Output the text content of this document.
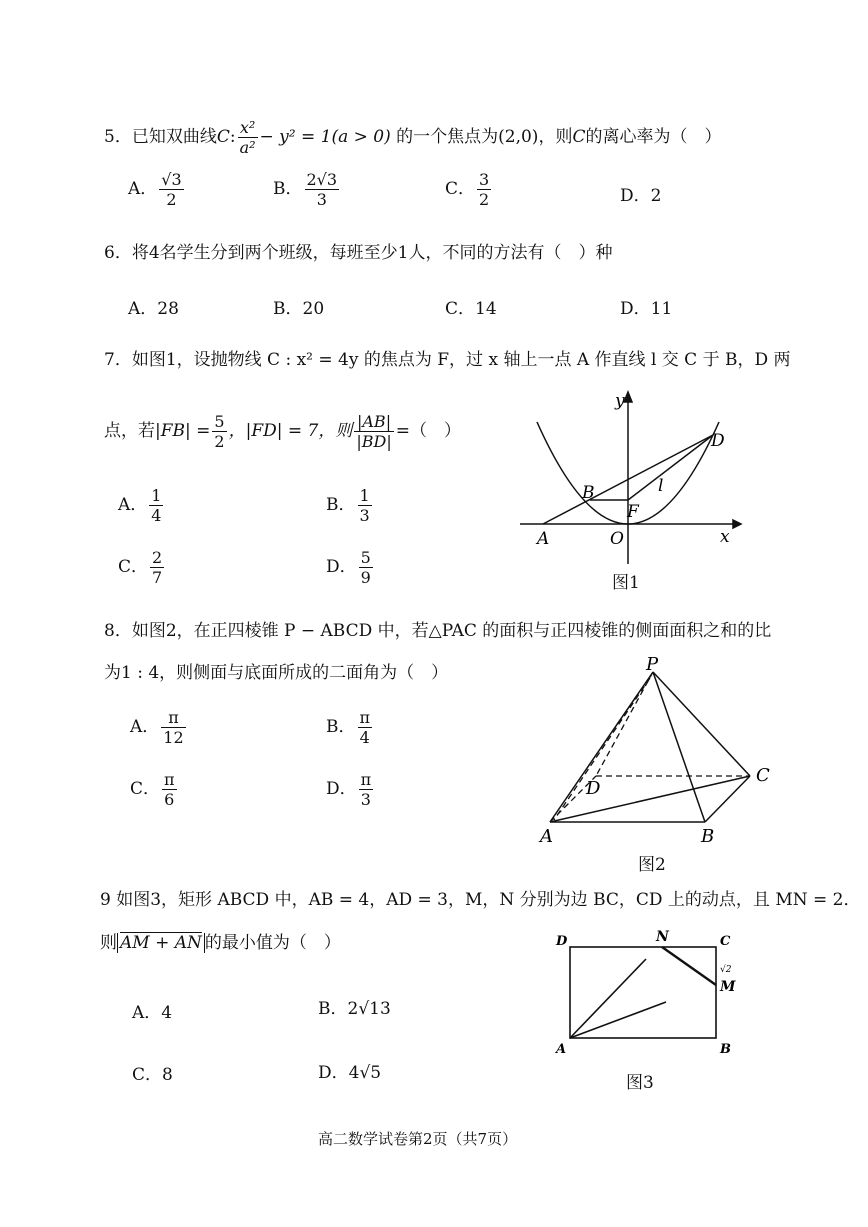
5．已知双曲线C: $\frac{\text{x²}}{\text{a²}} - y^2 = 1(a > 0)$ 的一个焦点为(2,0)，则C的离心率为（　）
A． $\frac{√3}{2}$	B． $\frac{2√3}{3}$	C． $\frac{3}{2}$	D．2
6．将4名学生分到两个班级，每班至少1人，不同的方法有（　）种
A．28	B．20	C．14	D．11
7．如图1，设抛物线 C : x² = 4y 的焦点为 F，过 x 轴上一点 A 作直线 l 交 C 于 B，D 两
点，若$|FB| = \frac{5}{2}$ ，|FD| = 7，则 $\frac{|AB|}{|BD|}$ =（　）
A． $\frac{1}{4}$	B． $\frac{1}{3}$
C． $\frac{2}{7}$	D． $\frac{5}{9}$
y
x
D
B
F
l
A	O
图1
8．如图2，在正四棱锥 P − ABCD 中，若△PAC 的面积与正四棱锥的侧面面积之和的比
为1 : 4，则侧面与底面所成的二面角为（　）
A． $\frac{\pi}{12}$	B． $\frac{\pi}{4}$
C． $\frac{\pi}{6}$	D． $\frac{\pi}{3}$
P
C
D
A	B
图2
9 如图3，矩形 ABCD 中，AB = 4，AD = 3，M，N 分别为边 BC，CD 上的动点，且 MN = 2．
则 AM + AN 的最小值为（　）
A．4	B．2√13
C．8	D．4√5
D	N	C
√2
M
A	B
图3
高二数学试卷第2页（共7页）
